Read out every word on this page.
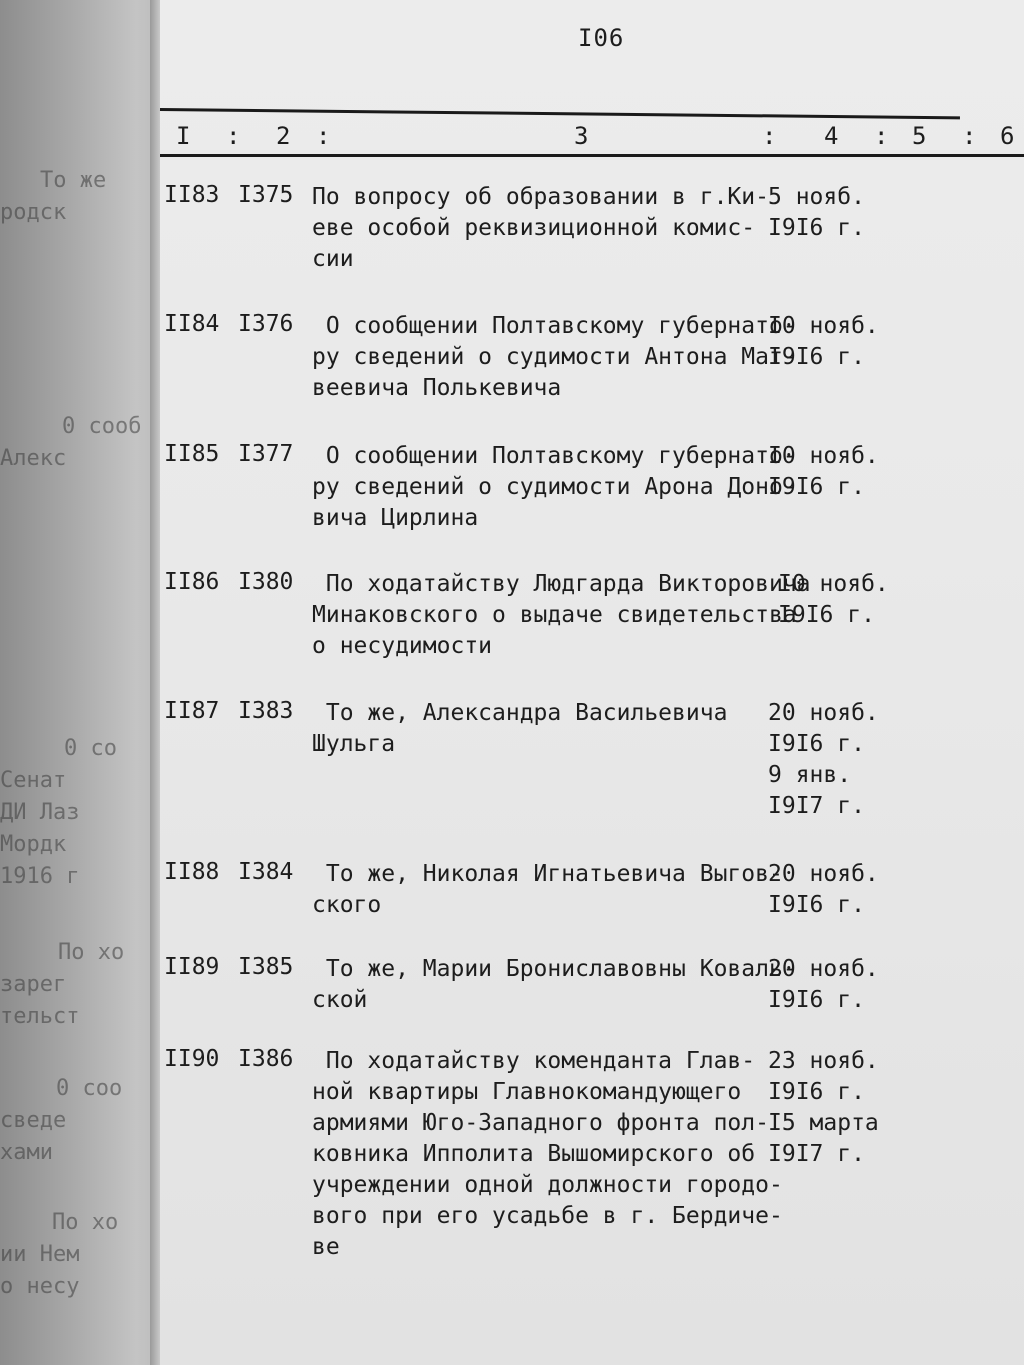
То же
родск
0 сооб
Алекс
0 со
Сенат
ДИ Лаз
Мордк
1916 г
По хо
зарег
тельст
0 соо
сведе
хами
По хо
ии Нем
о несу
I06
I : 2 :	3	: 4 : 5 : 6
II83 I375 По вопросу об образовании в г.Ки-
еве особой реквизиционной комис-
сии
5 нояб.
I9I6 г.
II84 I376 О сообщении Полтавскому губернато-
ру сведений о судимости Антона Мат-
веевича Полькевича
I0 нояб.
I9I6 г.
II85 I377 О сообщении Полтавскому губернато-
ру сведений о судимости Арона Доно-
вича Цирлина
I0 нояб.
I9I6 г.
II86 I380 По ходатайству Людгарда Викторовича
Минаковского о выдаче свидетельства
о несудимости
I0 нояб.
I9I6 г.
II87 I383 То же, Александра Васильевича
Шульга
20 нояб.
I9I6 г.
9 янв.
I9I7 г.
II88 I384 То же, Николая Игнатьевича Выгов-
ского
20 нояб.
I9I6 г.
II89 I385 То же, Марии Брониславовны Коваль-
ской
20 нояб.
I9I6 г.
II90 I386 По ходатайству коменданта Глав-
ной квартиры Главнокомандующего
армиями Юго-Западного фронта пол-
ковника Ипполита Вышомирского об
учреждении одной должности городо-
вого при его усадьбе в г. Бердиче-
ве
23 нояб.
I9I6 г.
I5 марта
I9I7 г.
